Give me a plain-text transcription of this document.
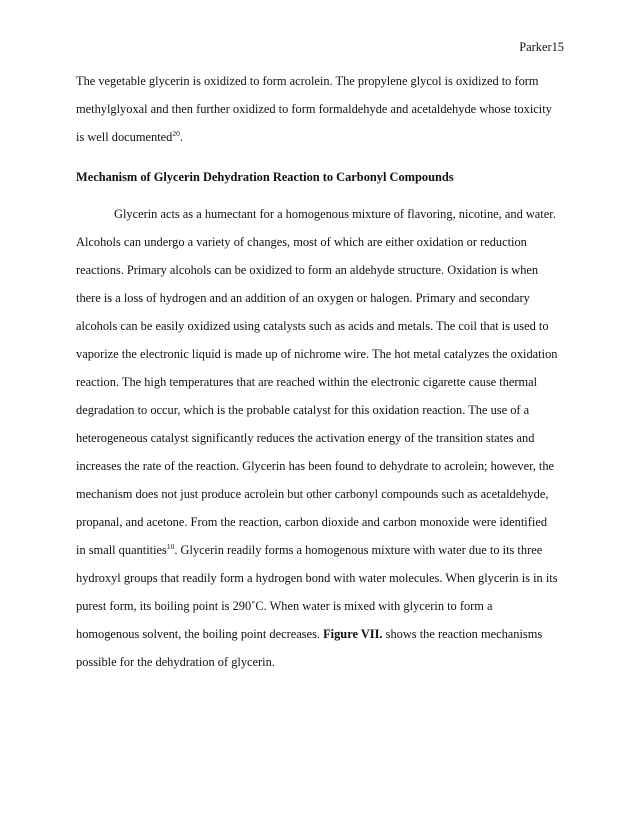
Parker15
The vegetable glycerin is oxidized to form acrolein. The propylene glycol is oxidized to form
methylglyoxal and then further oxidized to form formaldehyde and acetaldehyde whose toxicity
is well documented$^{20}$.
Mechanism of Glycerin Dehydration Reaction to Carbonyl Compounds
Glycerin acts as a humectant for a homogenous mixture of flavoring, nicotine, and water.
Alcohols can undergo a variety of changes, most of which are either oxidation or reduction
reactions. Primary alcohols can be oxidized to form an aldehyde structure. Oxidation is when
there is a loss of hydrogen and an addition of an oxygen or halogen. Primary and secondary
alcohols can be easily oxidized using catalysts such as acids and metals. The coil that is used to
vaporize the electronic liquid is made up of nichrome wire. The hot metal catalyzes the oxidation
reaction. The high temperatures that are reached within the electronic cigarette cause thermal
degradation to occur, which is the probable catalyst for this oxidation reaction. The use of a
heterogeneous catalyst significantly reduces the activation energy of the transition states and
increases the rate of the reaction. Glycerin has been found to dehydrate to acrolein; however, the
mechanism does not just produce acrolein but other carbonyl compounds such as acetaldehyde,
propanal, and acetone. From the reaction, carbon dioxide and carbon monoxide were identified
in small quantities$^{10}$. Glycerin readily forms a homogenous mixture with water due to its three
hydroxyl groups that readily form a hydrogen bond with water molecules. When glycerin is in its
purest form, its boiling point is 290˚C. When water is mixed with glycerin to form a
homogenous solvent, the boiling point decreases. Figure VII. shows the reaction mechanisms
possible for the dehydration of glycerin.
